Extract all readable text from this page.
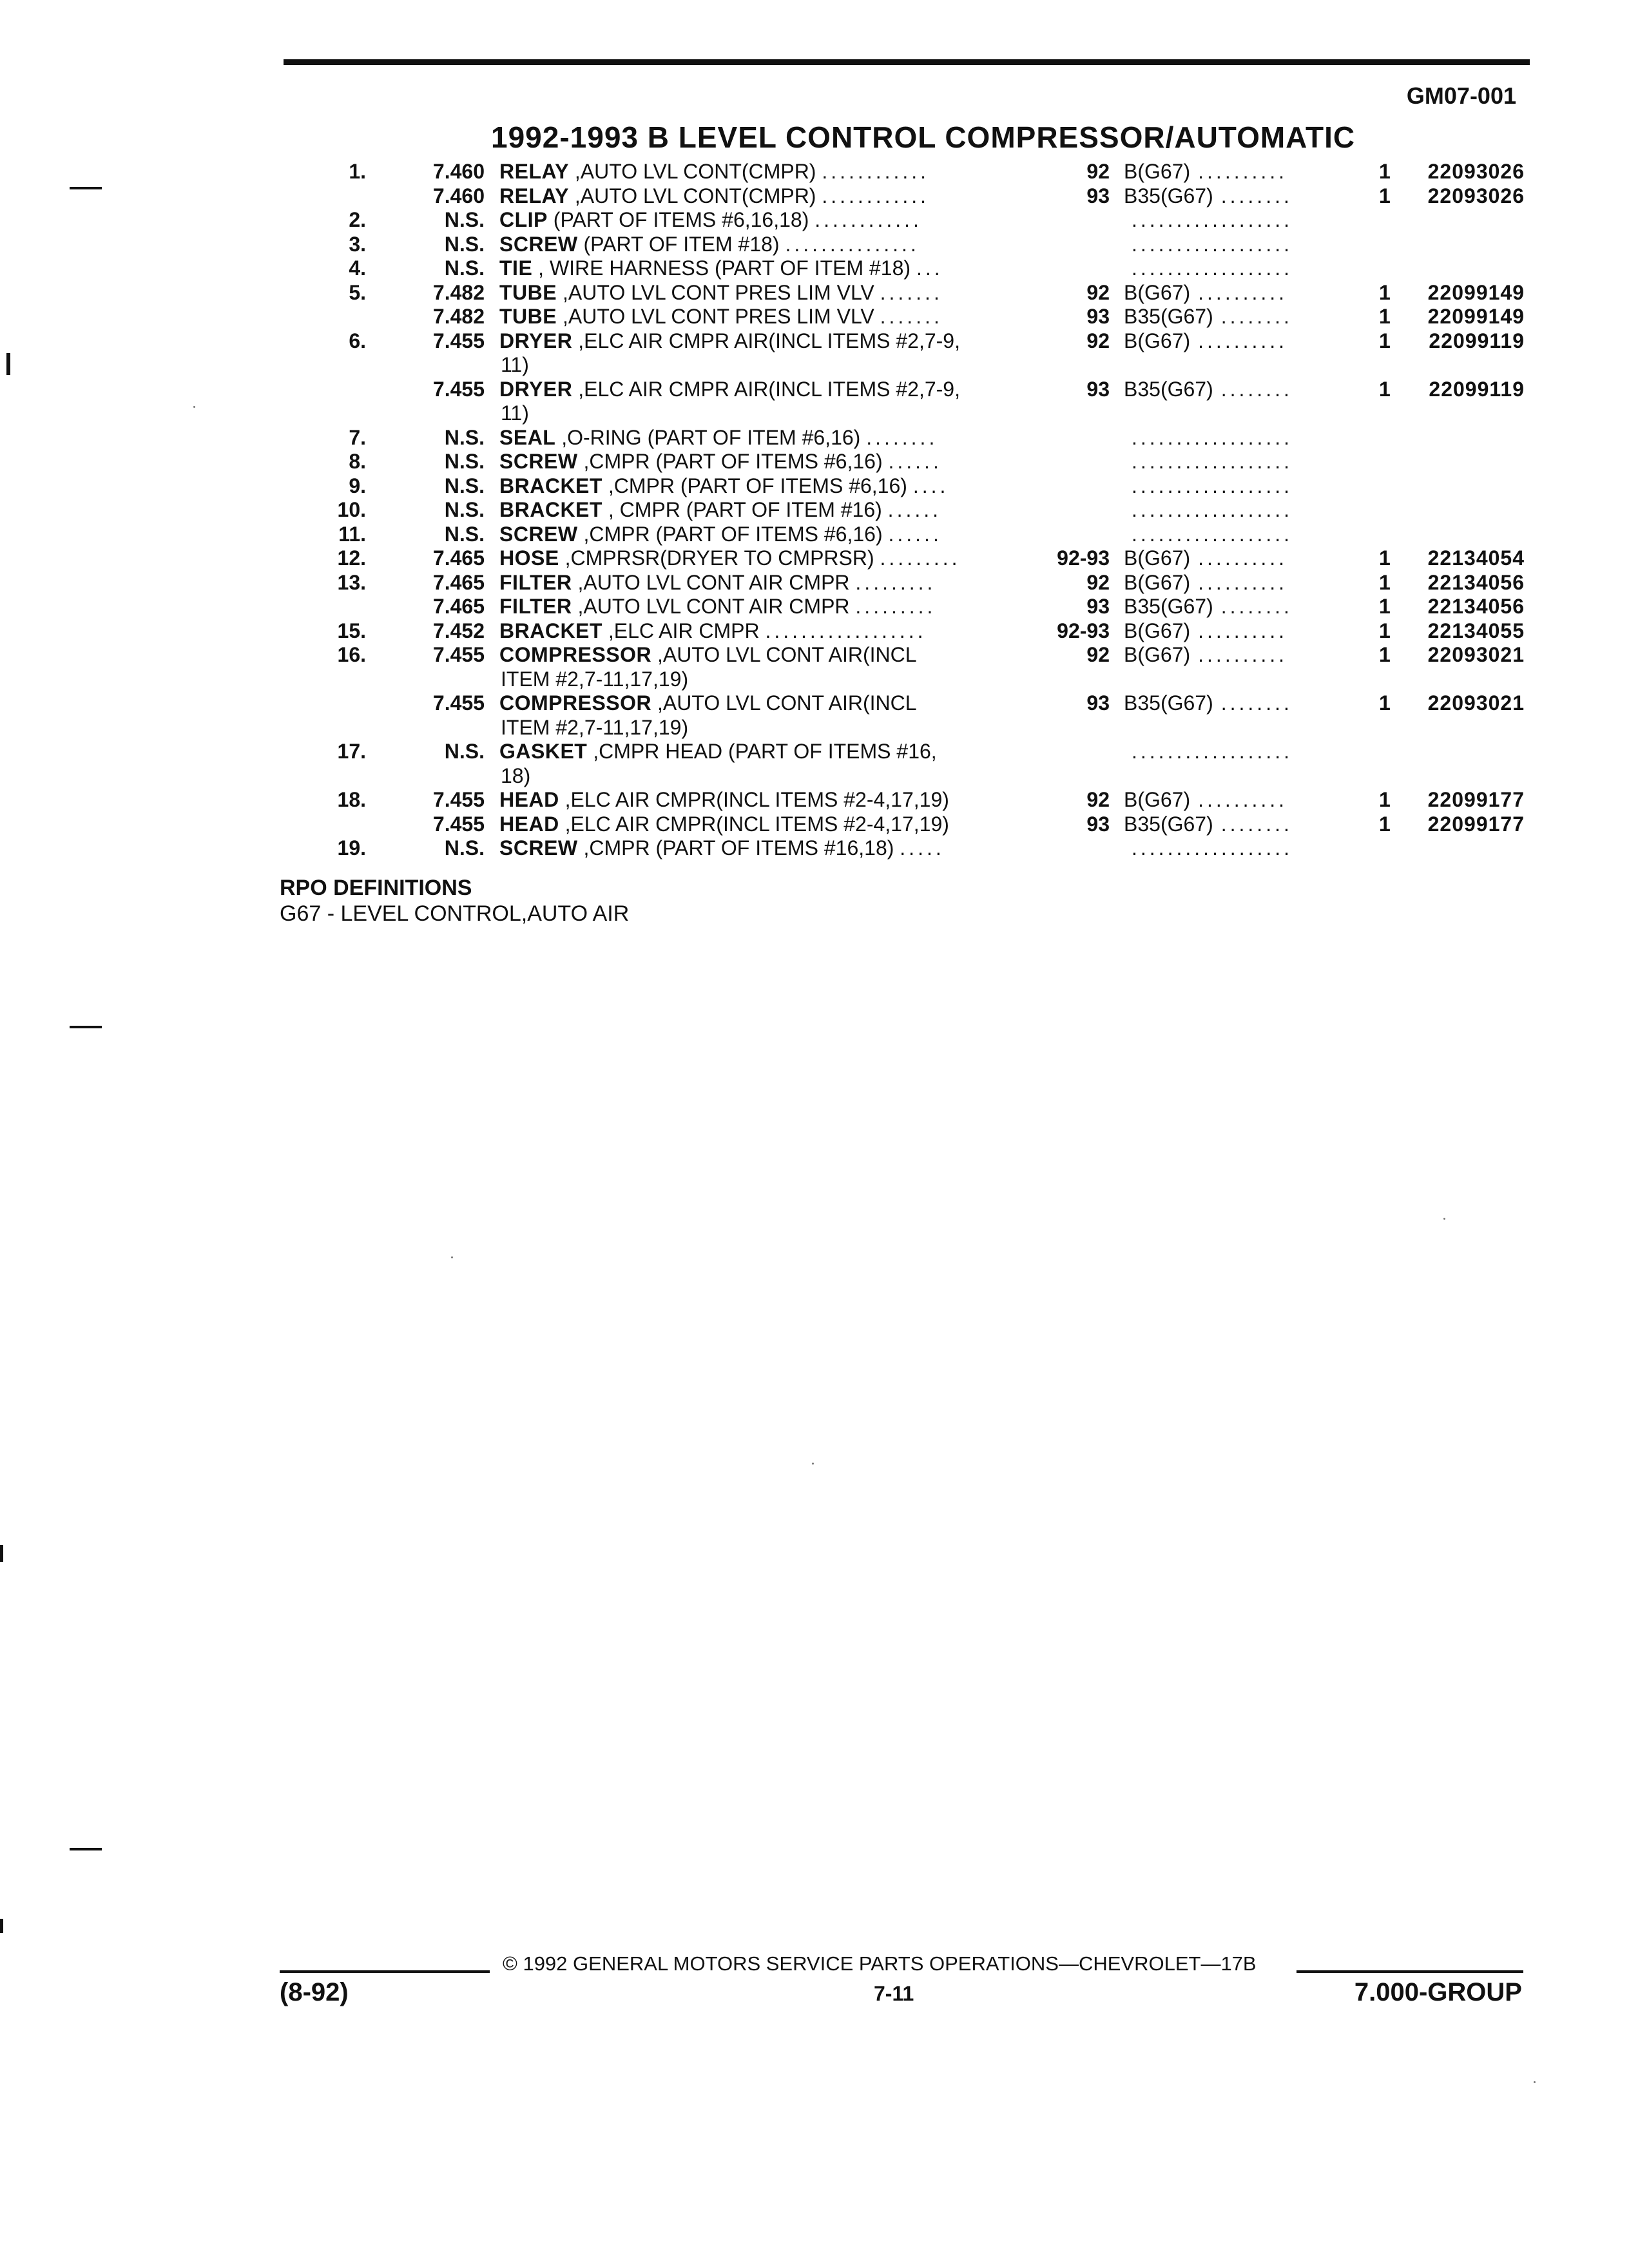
GM07-001
1992-1993 B LEVEL CONTROL COMPRESSOR/AUTOMATIC
1.	7.460 RELAY ,AUTO LVL CONT(CMPR) ............	92 B(G67) ..........	1 22093026
7.460 RELAY ,AUTO LVL CONT(CMPR) ............	93 B35(G67) ........	1 22093026
2.	N.S. CLIP (PART OF ITEMS #6,16,18) ............	..................
3.	N.S. SCREW (PART OF ITEM #18) ...............	..................
4.	N.S. TIE , WIRE HARNESS (PART OF ITEM #18) ...	..................
5.	7.482 TUBE ,AUTO LVL CONT PRES LIM VLV .......	92 B(G67) ..........	1 22099149
7.482 TUBE ,AUTO LVL CONT PRES LIM VLV .......	93 B35(G67) ........	1 22099149
6.	7.455 DRYER ,ELC AIR CMPR AIR(INCL ITEMS #2,7-9,
11)
92 B(G67) ..........	1 22099119
7.455 DRYER ,ELC AIR CMPR AIR(INCL ITEMS #2,7-9,
11)
93 B35(G67) ........	1 22099119
7.	N.S. SEAL ,O-RING (PART OF ITEM #6,16) ........	..................
8.	N.S. SCREW ,CMPR (PART OF ITEMS #6,16) ......	..................
9.	N.S. BRACKET ,CMPR (PART OF ITEMS #6,16) ....	..................
10.	N.S. BRACKET , CMPR (PART OF ITEM #16) ......	..................
11.	N.S. SCREW ,CMPR (PART OF ITEMS #6,16) ......	..................
12.	7.465 HOSE ,CMPRSR(DRYER TO CMPRSR) .........	92-93 B(G67) ..........	1 22134054
13.	7.465 FILTER ,AUTO LVL CONT AIR CMPR .........	92 B(G67) ..........	1 22134056
7.465 FILTER ,AUTO LVL CONT AIR CMPR .........	93 B35(G67) ........	1 22134056
15.	7.452 BRACKET ,ELC AIR CMPR ..................	92-93 B(G67) ..........	1 22134055
16.	7.455 COMPRESSOR ,AUTO LVL CONT AIR(INCL
ITEM #2,7-11,17,19)
92 B(G67) ..........	1 22093021
7.455 COMPRESSOR ,AUTO LVL CONT AIR(INCL
ITEM #2,7-11,17,19)
93 B35(G67) ........	1 22093021
17.	N.S. GASKET ,CMPR HEAD (PART OF ITEMS #16,
18)
..................
18.	7.455 HEAD ,ELC AIR CMPR(INCL ITEMS #2-4,17,19)	92 B(G67) ..........	1 22099177
7.455 HEAD ,ELC AIR CMPR(INCL ITEMS #2-4,17,19)	93 B35(G67) ........	1 22099177
19.	N.S. SCREW ,CMPR (PART OF ITEMS #16,18) .....	..................
RPO DEFINITIONS
G67 - LEVEL CONTROL,AUTO AIR
© 1992 GENERAL MOTORS SERVICE PARTS OPERATIONS—CHEVROLET—17B
(8-92)	7-11	7.000-GROUP
